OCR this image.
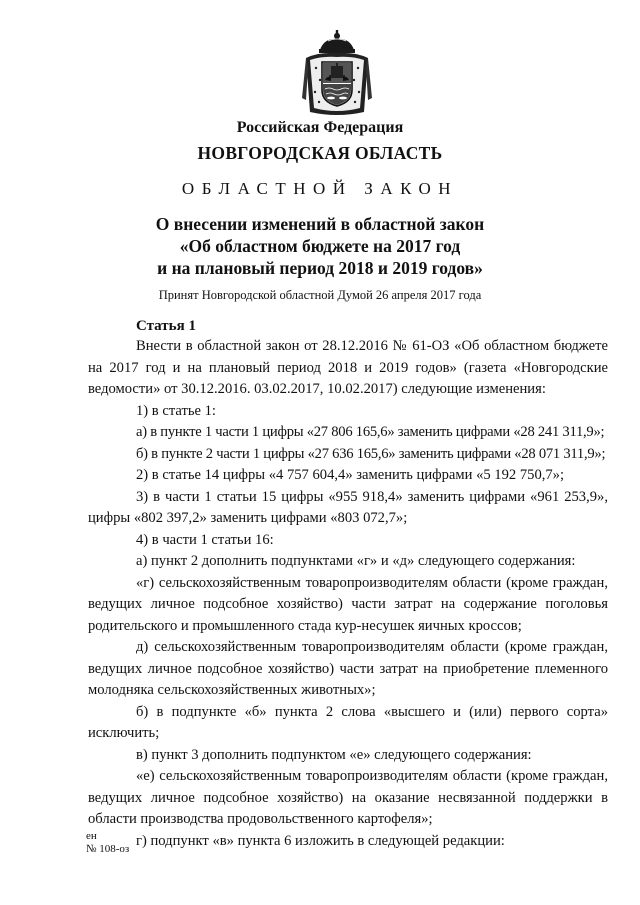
Российская Федерация
НОВГОРОДСКАЯ ОБЛАСТЬ
ОБЛАСТНОЙ ЗАКОН
О внесении изменений в областной закон
«Об областном бюджете на 2017 год
и на плановый период 2018 и 2019 годов»
Принят Новгородской областной Думой 26 апреля 2017 года
Статья 1

Внести в областной закон от 28.12.2016 № 61-ОЗ «Об областном бюджете на 2017 год и на плановый период 2018 и 2019 годов» (газета «Новгородские ведомости» от 30.12.2016. 03.02.2017, 10.02.2017) следующие изменения:

1) в статье 1:

а) в пункте 1 части 1 цифры «27 806 165,6» заменить цифрами «28 241 311,9»;

б) в пункте 2 части 1 цифры «27 636 165,6» заменить цифрами «28 071 311,9»;

2) в статье 14 цифры «4 757 604,4» заменить цифрами «5 192 750,7»;

3) в части 1 статьи 15 цифры «955 918,4» заменить цифрами «961 253,9», цифры «802 397,2» заменить цифрами «803 072,7»;

4) в части 1 статьи 16:

а) пункт 2 дополнить подпунктами «г» и «д» следующего содержания:

«г) сельскохозяйственным товаропроизводителям области (кроме граждан, ведущих личное подсобное хозяйство) части затрат на содержание поголовья родительского и промышленного стада кур-несушек яичных кроссов;

д) сельскохозяйственным товаропроизводителям области (кроме граждан, ведущих личное подсобное хозяйство) части затрат на приобретение племенного молодняка сельскохозяйственных животных»;

б) в подпункте «б» пункта 2 слова «высшего и (или) первого сорта» исключить;

в) пункт 3 дополнить подпунктом «е» следующего содержания:

«е) сельскохозяйственным товаропроизводителям области (кроме граждан, ведущих личное подсобное хозяйство) на оказание несвязанной поддержки в области производства продовольственного картофеля»;

г) подпункт «в» пункта 6 изложить в следующей редакции:

ен
№ 108-оз
